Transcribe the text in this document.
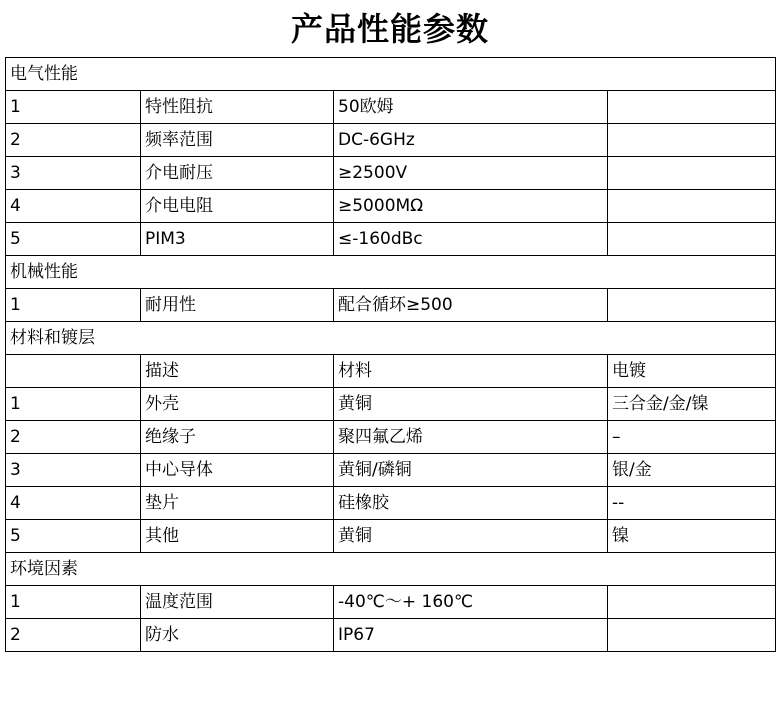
产品性能参数
电气性能			
1	特性阻抗	50欧姆	
2	频率范围	DC-6GHz	
3	介电耐压	≥2500V	
4	介电电阻	≥5000MΩ	
5	PIM3	≤-160dBc	
机械性能			
1	耐用性	配合循环≥500	
材料和镀层			
	描述	材料	电镀
1	外壳	黄铜	三合金/金/镍
2	绝缘子	聚四氟乙烯	–
3	中心导体	黄铜/磷铜	银/金
4	垫片	硅橡胶	--
5	其他	黄铜	镍
环境因素			
1	温度范围	-40℃～+ 160℃	
2	防水	IP67	
